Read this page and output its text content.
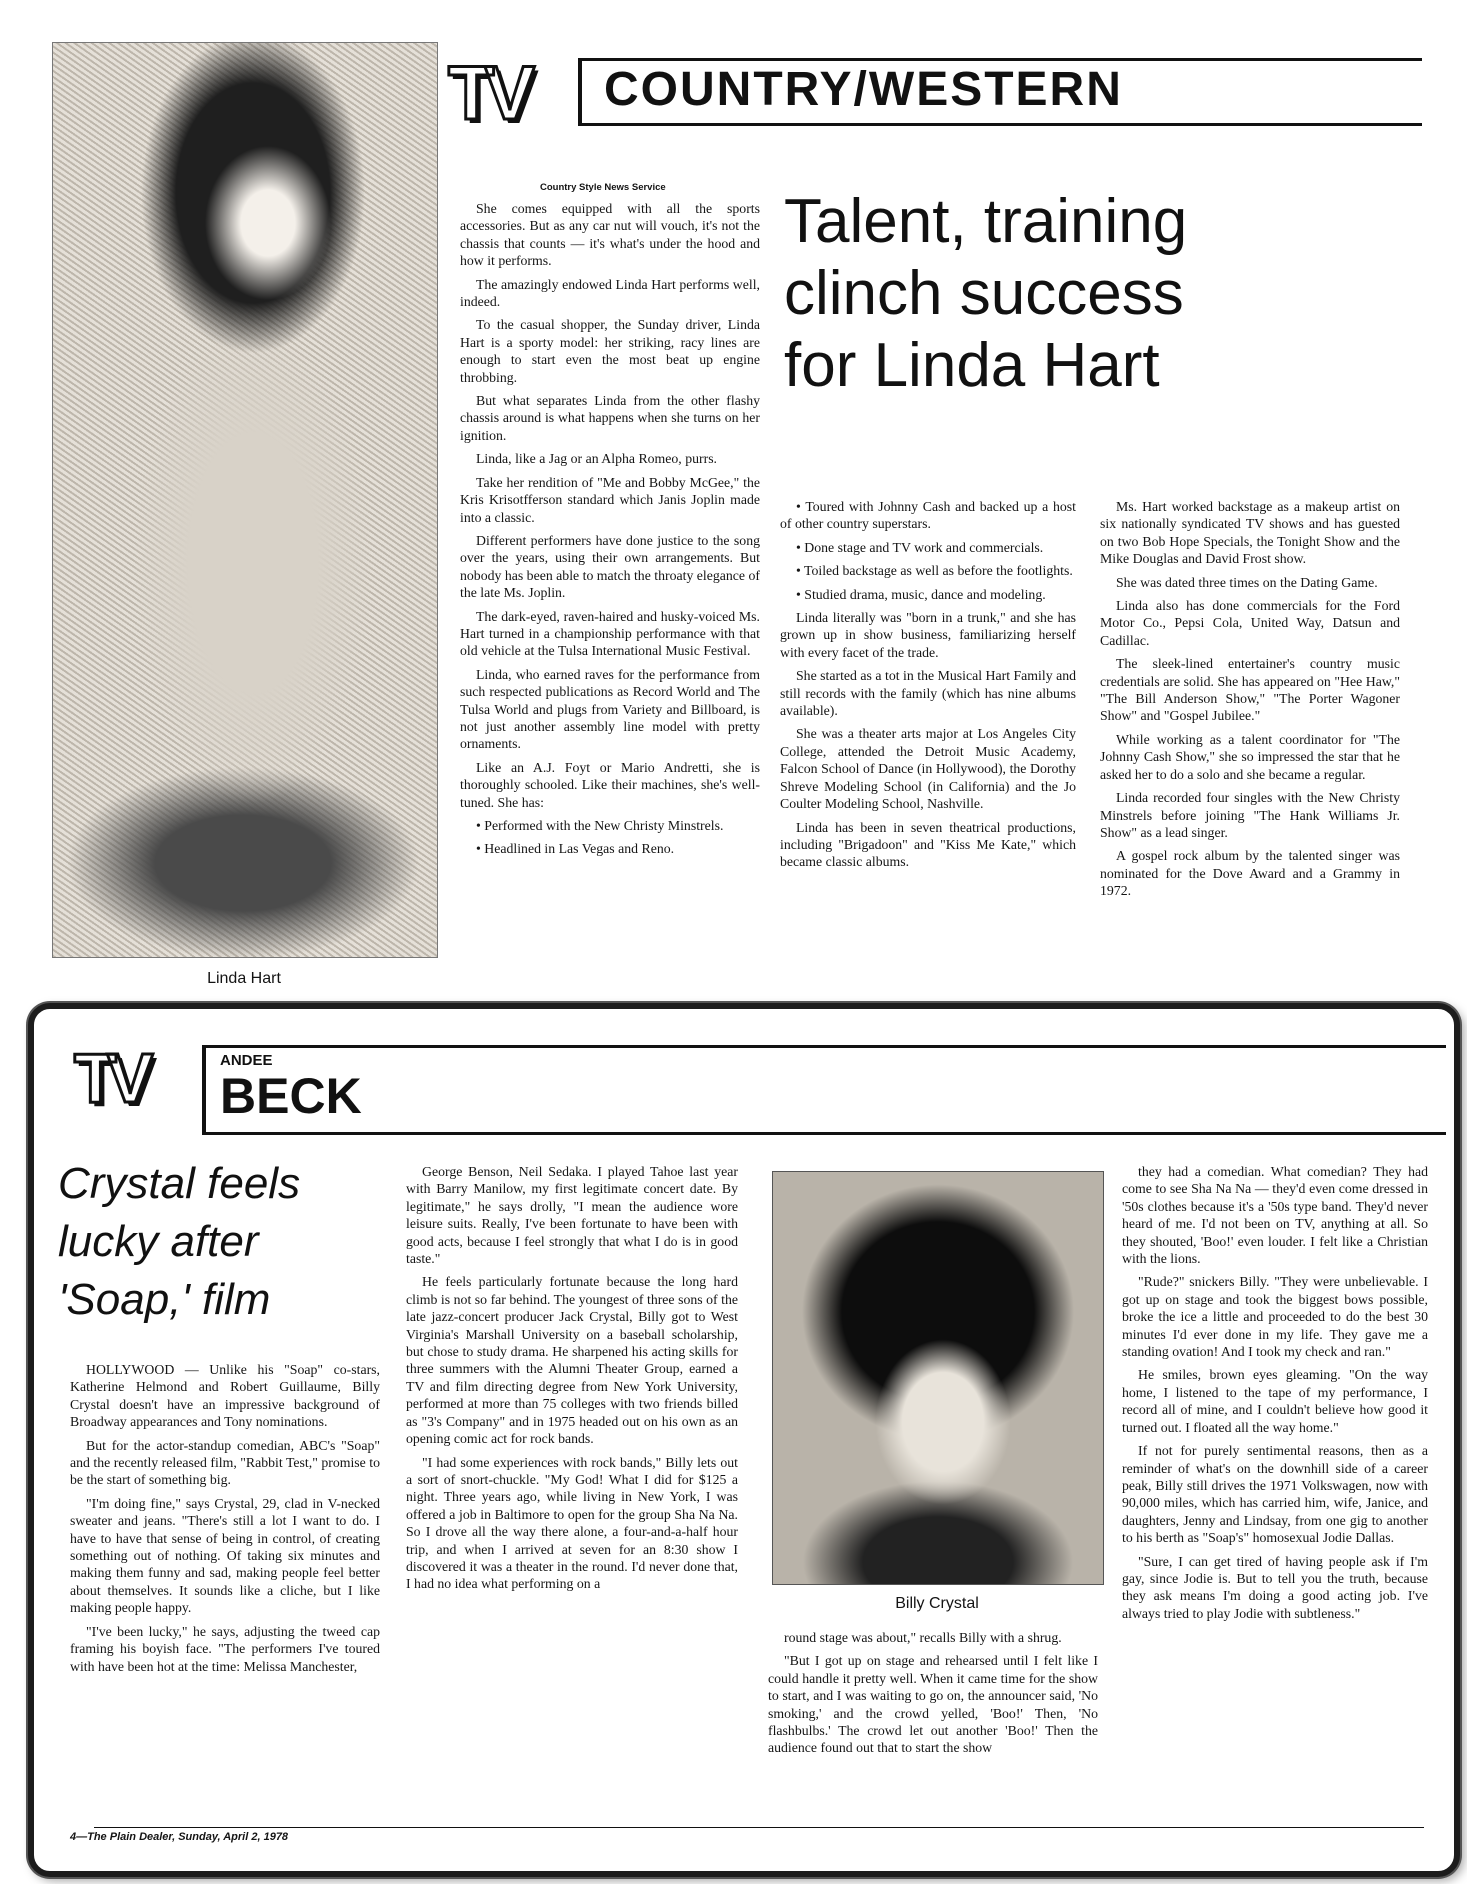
Linda Hart
TV COUNTRY/WESTERN
Country Style News Service Talent, training
clinch success
for Linda Hart

She comes equipped with all the sports accessories. But as any car nut will vouch, it's not the chassis that counts — it's what's under the hood and how it performs.

The amazingly endowed Linda Hart performs well, indeed.

To the casual shopper, the Sunday driver, Linda Hart is a sporty model: her striking, racy lines are enough to start even the most beat up engine throbbing.

But what separates Linda from the other flashy chassis around is what happens when she turns on her ignition.

Linda, like a Jag or an Alpha Romeo, purrs.

Take her rendition of "Me and Bobby McGee," the Kris Krisotfferson standard which Janis Joplin made into a classic.

Different performers have done justice to the song over the years, using their own arrangements. But nobody has been able to match the throaty elegance of the late Ms. Joplin.

The dark-eyed, raven-haired and husky-voiced Ms. Hart turned in a championship performance with that old vehicle at the Tulsa International Music Festival.

Linda, who earned raves for the performance from such respected publications as Record World and The Tulsa World and plugs from Variety and Billboard, is not just another assembly line model with pretty ornaments.

Like an A.J. Foyt or Mario Andretti, she is thoroughly schooled. Like their machines, she's well-tuned. She has:

• Performed with the New Christy Minstrels.

• Headlined in Las Vegas and Reno.

• Toured with Johnny Cash and backed up a host of other country superstars.

• Done stage and TV work and commercials.

• Toiled backstage as well as before the footlights.

• Studied drama, music, dance and modeling.

Linda literally was "born in a trunk," and she has grown up in show business, familiarizing herself with every facet of the trade.

She started as a tot in the Musical Hart Family and still records with the family (which has nine albums available).

She was a theater arts major at Los Angeles City College, attended the Detroit Music Academy, Falcon School of Dance (in Hollywood), the Dorothy Shreve Modeling School (in California) and the Jo Coulter Modeling School, Nashville.

Linda has been in seven theatrical productions, including "Brigadoon" and "Kiss Me Kate," which became classic albums.

Ms. Hart worked backstage as a makeup artist on six nationally syndicated TV shows and has guested on two Bob Hope Specials, the Tonight Show and the Mike Douglas and David Frost show.

She was dated three times on the Dating Game.

Linda also has done commercials for the Ford Motor Co., Pepsi Cola, United Way, Datsun and Cadillac.

The sleek-lined entertainer's country music credentials are solid. She has appeared on "Hee Haw," "The Bill Anderson Show," "The Porter Wagoner Show" and "Gospel Jubilee."

While working as a talent coordinator for "The Johnny Cash Show," she so impressed the star that he asked her to do a solo and she became a regular.

Linda recorded four singles with the New Christy Minstrels before joining "The Hank Williams Jr. Show" as a lead singer.

A gospel rock album by the talented singer was nominated for the Dove Award and a Grammy in 1972.

TV	ANDEE
BECK
Crystal feels
lucky after
'Soap,' film

HOLLYWOOD — Unlike his "Soap" co-stars, Katherine Helmond and Robert Guillaume, Billy Crystal doesn't have an impressive background of Broadway appearances and Tony nominations.

But for the actor-standup comedian, ABC's "Soap" and the recently released film, "Rabbit Test," promise to be the start of something big.

"I'm doing fine," says Crystal, 29, clad in V-necked sweater and jeans. "There's still a lot I want to do. I have to have that sense of being in control, of creating something out of nothing. Of taking six minutes and making them funny and sad, making people feel better about themselves. It sounds like a cliche, but I like making people happy.

"I've been lucky," he says, adjusting the tweed cap framing his boyish face. "The performers I've toured with have been hot at the time: Melissa Manchester,

George Benson, Neil Sedaka. I played Tahoe last year with Barry Manilow, my first legitimate concert date. By legitimate," he says drolly, "I mean the audience wore leisure suits. Really, I've been fortunate to have been with good acts, because I feel strongly that what I do is in good taste."

He feels particularly fortunate because the long hard climb is not so far behind. The youngest of three sons of the late jazz-concert producer Jack Crystal, Billy got to West Virginia's Marshall University on a baseball scholarship, but chose to study drama. He sharpened his acting skills for three summers with the Alumni Theater Group, earned a TV and film directing degree from New York University, performed at more than 75 colleges with two friends billed as "3's Company" and in 1975 headed out on his own as an opening comic act for rock bands.

"I had some experiences with rock bands," Billy lets out a sort of snort-chuckle. "My God! What I did for $125 a night. Three years ago, while living in New York, I was offered a job in Baltimore to open for the group Sha Na Na. So I drove all the way there alone, a four-and-a-half hour trip, and when I arrived at seven for an 8:30 show I discovered it was a theater in the round. I'd never done that, I had no idea what performing on a

Billy Crystal

round stage was about," recalls Billy with a shrug.

"But I got up on stage and rehearsed until I felt like I could handle it pretty well. When it came time for the show to start, and I was waiting to go on, the announcer said, 'No smoking,' and the crowd yelled, 'Boo!' Then, 'No flashbulbs.' The crowd let out another 'Boo!' Then the audience found out that to start the show

they had a comedian. What comedian? They had come to see Sha Na Na — they'd even come dressed in '50s clothes because it's a '50s type band. They'd never heard of me. I'd not been on TV, anything at all. So they shouted, 'Boo!' even louder. I felt like a Christian with the lions.

"Rude?" snickers Billy. "They were unbelievable. I got up on stage and took the biggest bows possible, broke the ice a little and proceeded to do the best 30 minutes I'd ever done in my life. They gave me a standing ovation! And I took my check and ran."

He smiles, brown eyes gleaming. "On the way home, I listened to the tape of my performance, I record all of mine, and I couldn't believe how good it turned out. I floated all the way home."

If not for purely sentimental reasons, then as a reminder of what's on the downhill side of a career peak, Billy still drives the 1971 Volkswagen, now with 90,000 miles, which has carried him, wife, Janice, and daughters, Jenny and Lindsay, from one gig to another to his berth as "Soap's" homosexual Jodie Dallas.

"Sure, I can get tired of having people ask if I'm gay, since Jodie is. But to tell you the truth, because they ask means I'm doing a good acting job. I've always tried to play Jodie with subtleness."

4—The Plain Dealer, Sunday, April 2, 1978
